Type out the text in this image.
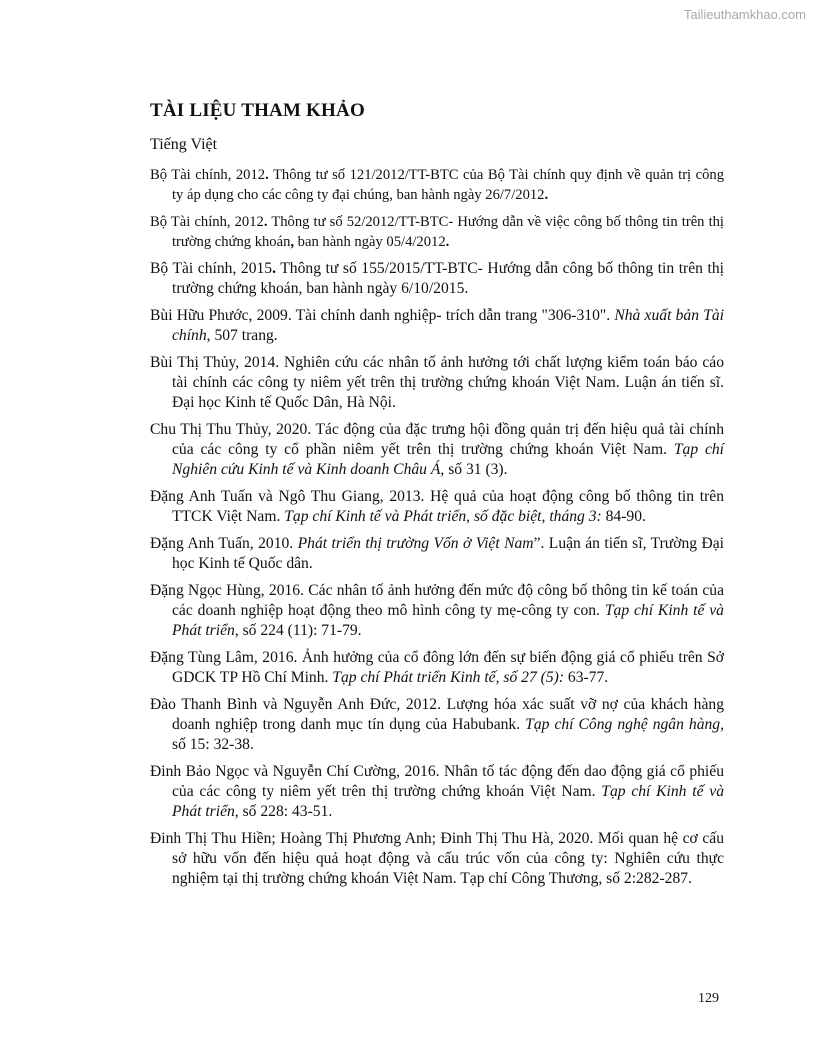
Tailieuthamkhao.com
TÀI LIỆU THAM KHẢO
Tiếng Việt
Bộ Tài chính, 2012. Thông tư số 121/2012/TT-BTC của Bộ Tài chính quy định về quản trị công ty áp dụng cho các công ty đại chúng, ban hành ngày 26/7/2012.
Bộ Tài chính, 2012. Thông tư số 52/2012/TT-BTC- Hướng dẫn về việc công bố thông tin trên thị trường chứng khoán, ban hành ngày 05/4/2012.
Bộ Tài chính, 2015. Thông tư số 155/2015/TT-BTC- Hướng dẫn công bố thông tin trên thị trường chứng khoán, ban hành ngày 6/10/2015.
Bùi Hữu Phước, 2009. Tài chính danh nghiệp- trích dẫn trang "306-310". Nhà xuất bản Tài chính, 507 trang.
Bùi Thị Thủy, 2014. Nghiên cứu các nhân tố ảnh hưởng tới chất lượng kiểm toán báo cáo tài chính các công ty niêm yết trên thị trường chứng khoán Việt Nam. Luận án tiến sĩ. Đại học Kinh tế Quốc Dân, Hà Nội.
Chu Thị Thu Thủy, 2020. Tác động của đặc trưng hội đồng quản trị đến hiệu quả tài chính của các công ty cổ phần niêm yết trên thị trường chứng khoán Việt Nam. Tạp chí Nghiên cứu Kinh tế và Kinh doanh Châu Á, số 31 (3).
Đặng Anh Tuấn và Ngô Thu Giang, 2013. Hệ quả của hoạt động công bố thông tin trên TTCK Việt Nam. Tạp chí Kinh tế và Phát triển, số đặc biệt, tháng 3: 84-90.
Đặng Anh Tuấn, 2010. Phát triển thị trường Vốn ở Việt Nam”. Luận án tiến sĩ, Trường Đại học Kinh tế Quốc dân.
Đặng Ngọc Hùng, 2016. Các nhân tố ảnh hưởng đến mức độ công bố thông tin kế toán của các doanh nghiệp hoạt động theo mô hình công ty mẹ-công ty con. Tạp chí Kinh tế và Phát triển, số 224 (11): 71-79.
Đặng Tùng Lâm, 2016. Ảnh hưởng của cổ đông lớn đến sự biến động giá cổ phiếu trên Sở GDCK TP Hồ Chí Minh. Tạp chí Phát triển Kinh tế, số 27 (5): 63-77.
Đào Thanh Bình và Nguyễn Anh Đức, 2012. Lượng hóa xác suất vỡ nợ của khách hàng doanh nghiệp trong danh mục tín dụng của Habubank. Tạp chí Công nghệ ngân hàng, số 15: 32-38.
Đinh Bảo Ngọc và Nguyễn Chí Cường, 2016. Nhân tố tác động đến dao động giá cổ phiếu của các công ty niêm yết trên thị trường chứng khoán Việt Nam. Tạp chí Kinh tế và Phát triển, số 228: 43-51.
Đinh Thị Thu Hiền; Hoàng Thị Phương Anh; Đinh Thị Thu Hà, 2020. Mối quan hệ cơ cấu sở hữu vốn đến hiệu quả hoạt động và cấu trúc vốn của công ty: Nghiên cứu thực nghiệm tại thị trường chứng khoán Việt Nam. Tạp chí Công Thương, số 2:282-287.
129
